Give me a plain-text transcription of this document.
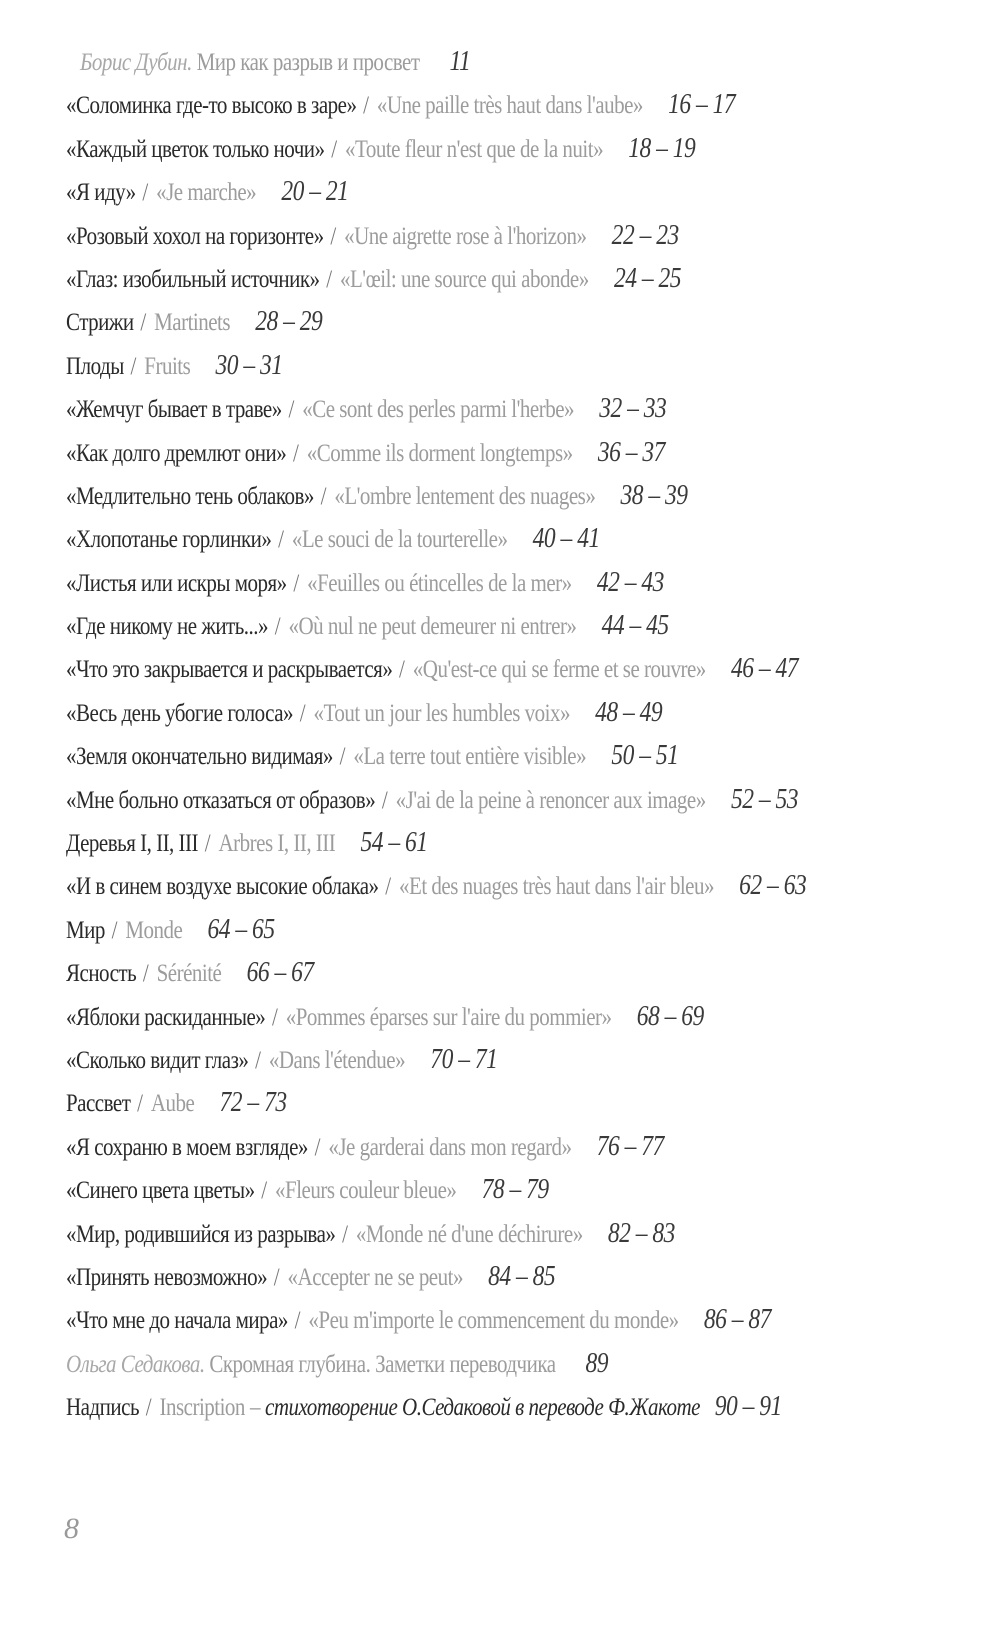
Борис Дубин. Мир как разрыв и просвет 11
«Соломинка где-то высоко в заре» / «Une paille très haut dans l'aube» 16 – 17
«Каждый цветок только ночи» / «Toute fleur n'est que de la nuit» 18 – 19
«Я иду» / «Je marche» 20 – 21
«Розовый хохол на горизонте» / «Une aigrette rose à l'horizon» 22 – 23
«Глаз: изобильный источник» / «L'œil: une source qui abonde» 24 – 25
Стрижи / Martinets 28 – 29
Плоды / Fruits 30 – 31
«Жемчуг бывает в траве» / «Ce sont des perles parmi l'herbe» 32 – 33
«Как долго дремлют они» / «Comme ils dorment longtemps» 36 – 37
«Медлительно тень облаков» / «L'ombre lentement des nuages» 38 – 39
«Хлопотанье горлинки» / «Le souci de la tourterelle» 40 – 41
«Листья или искры моря» / «Feuilles ou étincelles de la mer» 42 – 43
«Где никому не жить...» / «Où nul ne peut demeurer ni entrer» 44 – 45
«Что это закрывается и раскрывается» / «Qu'est-ce qui se ferme et se rouvre» 46 – 47
«Весь день убогие голоса» / «Tout un jour les humbles voix» 48 – 49
«Земля окончательно видимая» / «La terre tout entière visible» 50 – 51
«Мне больно отказаться от образов» / «J'ai de la peine à renoncer aux image» 52 – 53
Деревья I, II, III / Arbres I, II, III 54 – 61
«И в синем воздухе высокие облака» / «Et des nuages très haut dans l'air bleu» 62 – 63
Мир / Monde 64 – 65
Ясность / Sérénité 66 – 67
«Яблоки раскиданные» / «Pommes éparses sur l'aire du pommier» 68 – 69
«Сколько видит глаз» / «Dans l'étendue» 70 – 71
Рассвет / Aube 72 – 73
«Я сохраню в моем взгляде» / «Je garderai dans mon regard» 76 – 77
«Синего цвета цветы» / «Fleurs couleur bleue» 78 – 79
«Мир, родившийся из разрыва» / «Monde né d'une déchirure» 82 – 83
«Принять невозможно» / «Accepter ne se peut» 84 – 85
«Что мне до начала мира» / «Peu m'importe le commencement du monde» 86 – 87
Ольга Седакова. Скромная глубина. Заметки переводчика 89
Надпись / Inscription – стихотворение О.Седаковой в переводе Ф.Жакоте 90 – 91
8
